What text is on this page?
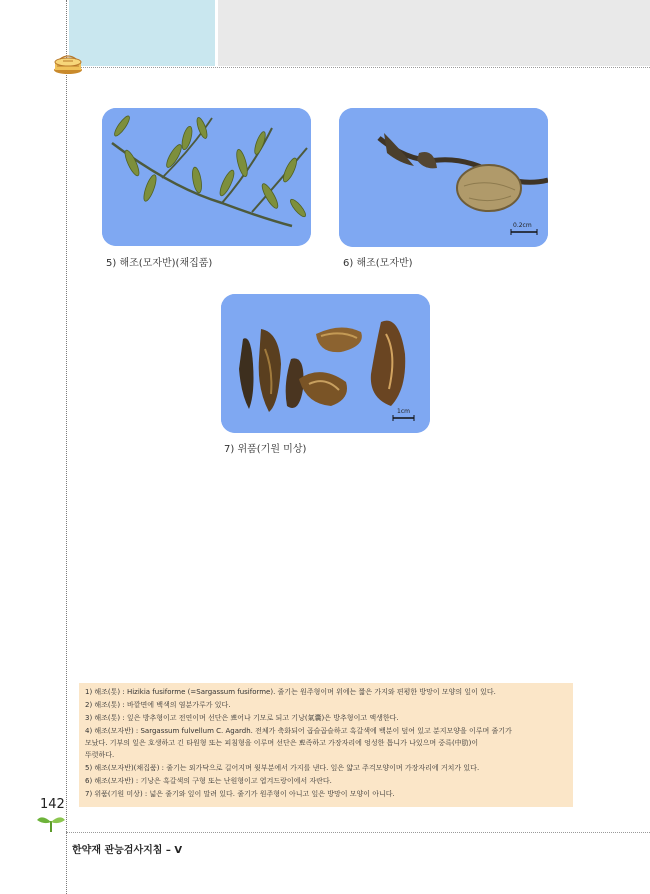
5) 해조(모자반)(채집품)
0.2cm
6) 해조(모자반)
1cm
7) 위품(기원 미상)
1) 해조(톳) : Hizikia fusiforme (=Sargassum fusiforme). 줄기는 원주형이며 위에는 짧은 가지와 편평한 방망이 모양의 잎이 있다.
2) 해조(톳) : 바깥면에 백색의 염분가루가 있다.
3) 해조(톳) : 잎은 방추형이고 전연이며 선단은 뾰어나 기모로 되고 기낭(氣囊)은 방추형이고 액생한다.
4) 해조(모자반) : Sargassum fulvellum C. Agardh. 전체가 축화되어 곱슬곱슬하고 흑갈색에 백분이 덮여 있고 분지모양을 이루며 줄기가
모났다. 기부의 잎은 호생하고 긴 타원형 또는 피침형을 이루며 선단은 뾰족하고 가장자리에 엉성한 톱니가 나있으며 중륵(中肋)이
뚜렷하다.
5) 해조(모자반)(채집품) : 줄기는 외가닥으로 길어지며 윗부분에서 가지를 낸다. 잎은 얇고 주걱모양이며 가장자리에 거치가 있다.
6) 해조(모자반) : 기낭은 흑갈색의 구형 또는 난원형이고 엽겨드랑이에서 자란다.
7) 위품(기원 미상) : 넓은 줄기와 잎이 말려 있다. 줄기가 원주형이 아니고 잎은 방망이 모양이 아니다.
142
한약재 관능검사지침 – Ⅴ
